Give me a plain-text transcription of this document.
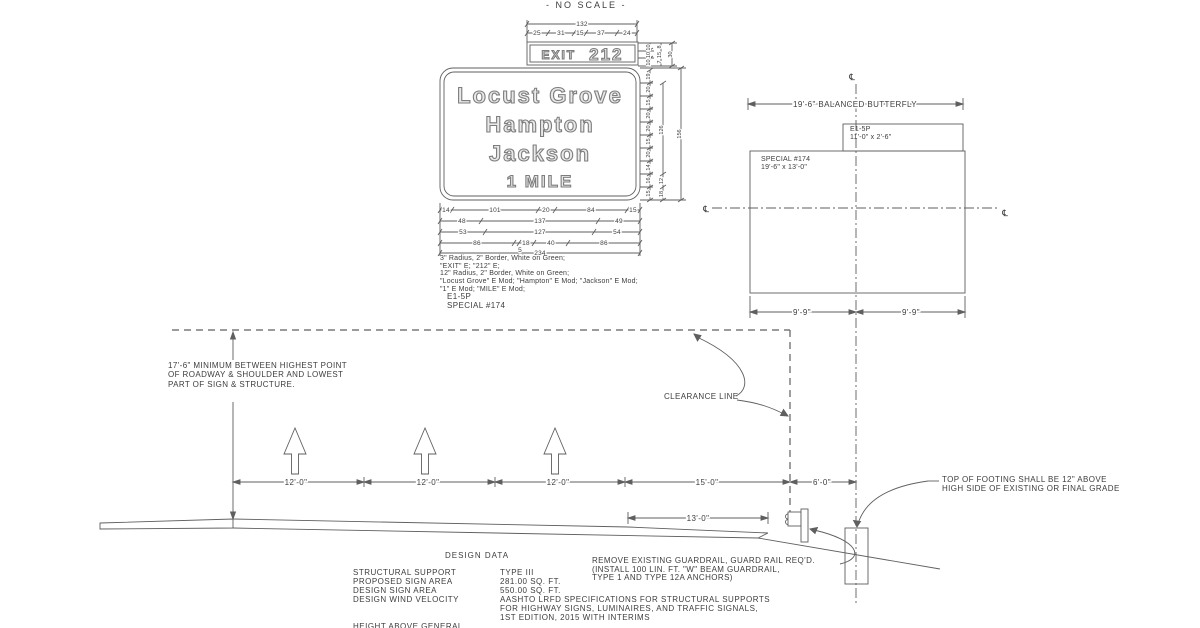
132
25	31 15 37	24
10
10
10
8
15
7
30
19
20
15
20
20
15
20
14
16
15
126
12
18
156
14	101	20	84	15
48	137	49
53	127	54
86	18	40	86
5 234
℄
℄	℄
19'-6" BALANCED BUTTERFLY
9'-9"	9'-9"
12'-0"	12'-0"	12'-0"	15'-0"	6'-0"
13'-0"
- NO SCALE -
EXIT 212
Locust Grove
Hampton
Jackson
1 MILE
3" Radius, 2" Border, White on Green;
"EXIT" E; "212" E;
12" Radius, 2" Border, White on Green;
"Locust Grove" E Mod; "Hampton" E Mod; "Jackson" E Mod;
"1" E Mod; "MILE" E Mod;
E1-5P
SPECIAL #174
E1-5P
11'-0" x 2'-6"
SPECIAL #174
19'-6" x 13'-0"
17'-6" MINIMUM BETWEEN HIGHEST POINT
OF ROADWAY & SHOULDER AND LOWEST
PART OF SIGN & STRUCTURE.
CLEARANCE LINE
TOP OF FOOTING SHALL BE 12" ABOVE
HIGH SIDE OF EXISTING OR FINAL GRADE
REMOVE EXISTING GUARDRAIL, GUARD RAIL REQ'D.
(INSTALL 100 LIN. FT. "W" BEAM GUARDRAIL,
TYPE 1 AND TYPE 12A ANCHORS)
DESIGN DATA
STRUCTURAL SUPPORT	TYPE III
PROPOSED SIGN AREA	281.00 SQ. FT.
DESIGN SIGN AREA	550.00 SQ. FT.
DESIGN WIND VELOCITY	AASHTO LRFD SPECIFICATIONS FOR STRUCTURAL SUPPORTS
FOR HIGHWAY SIGNS, LUMINAIRES, AND TRAFFIC SIGNALS,
1ST EDITION, 2015 WITH INTERIMS
HEIGHT ABOVE GENERAL
